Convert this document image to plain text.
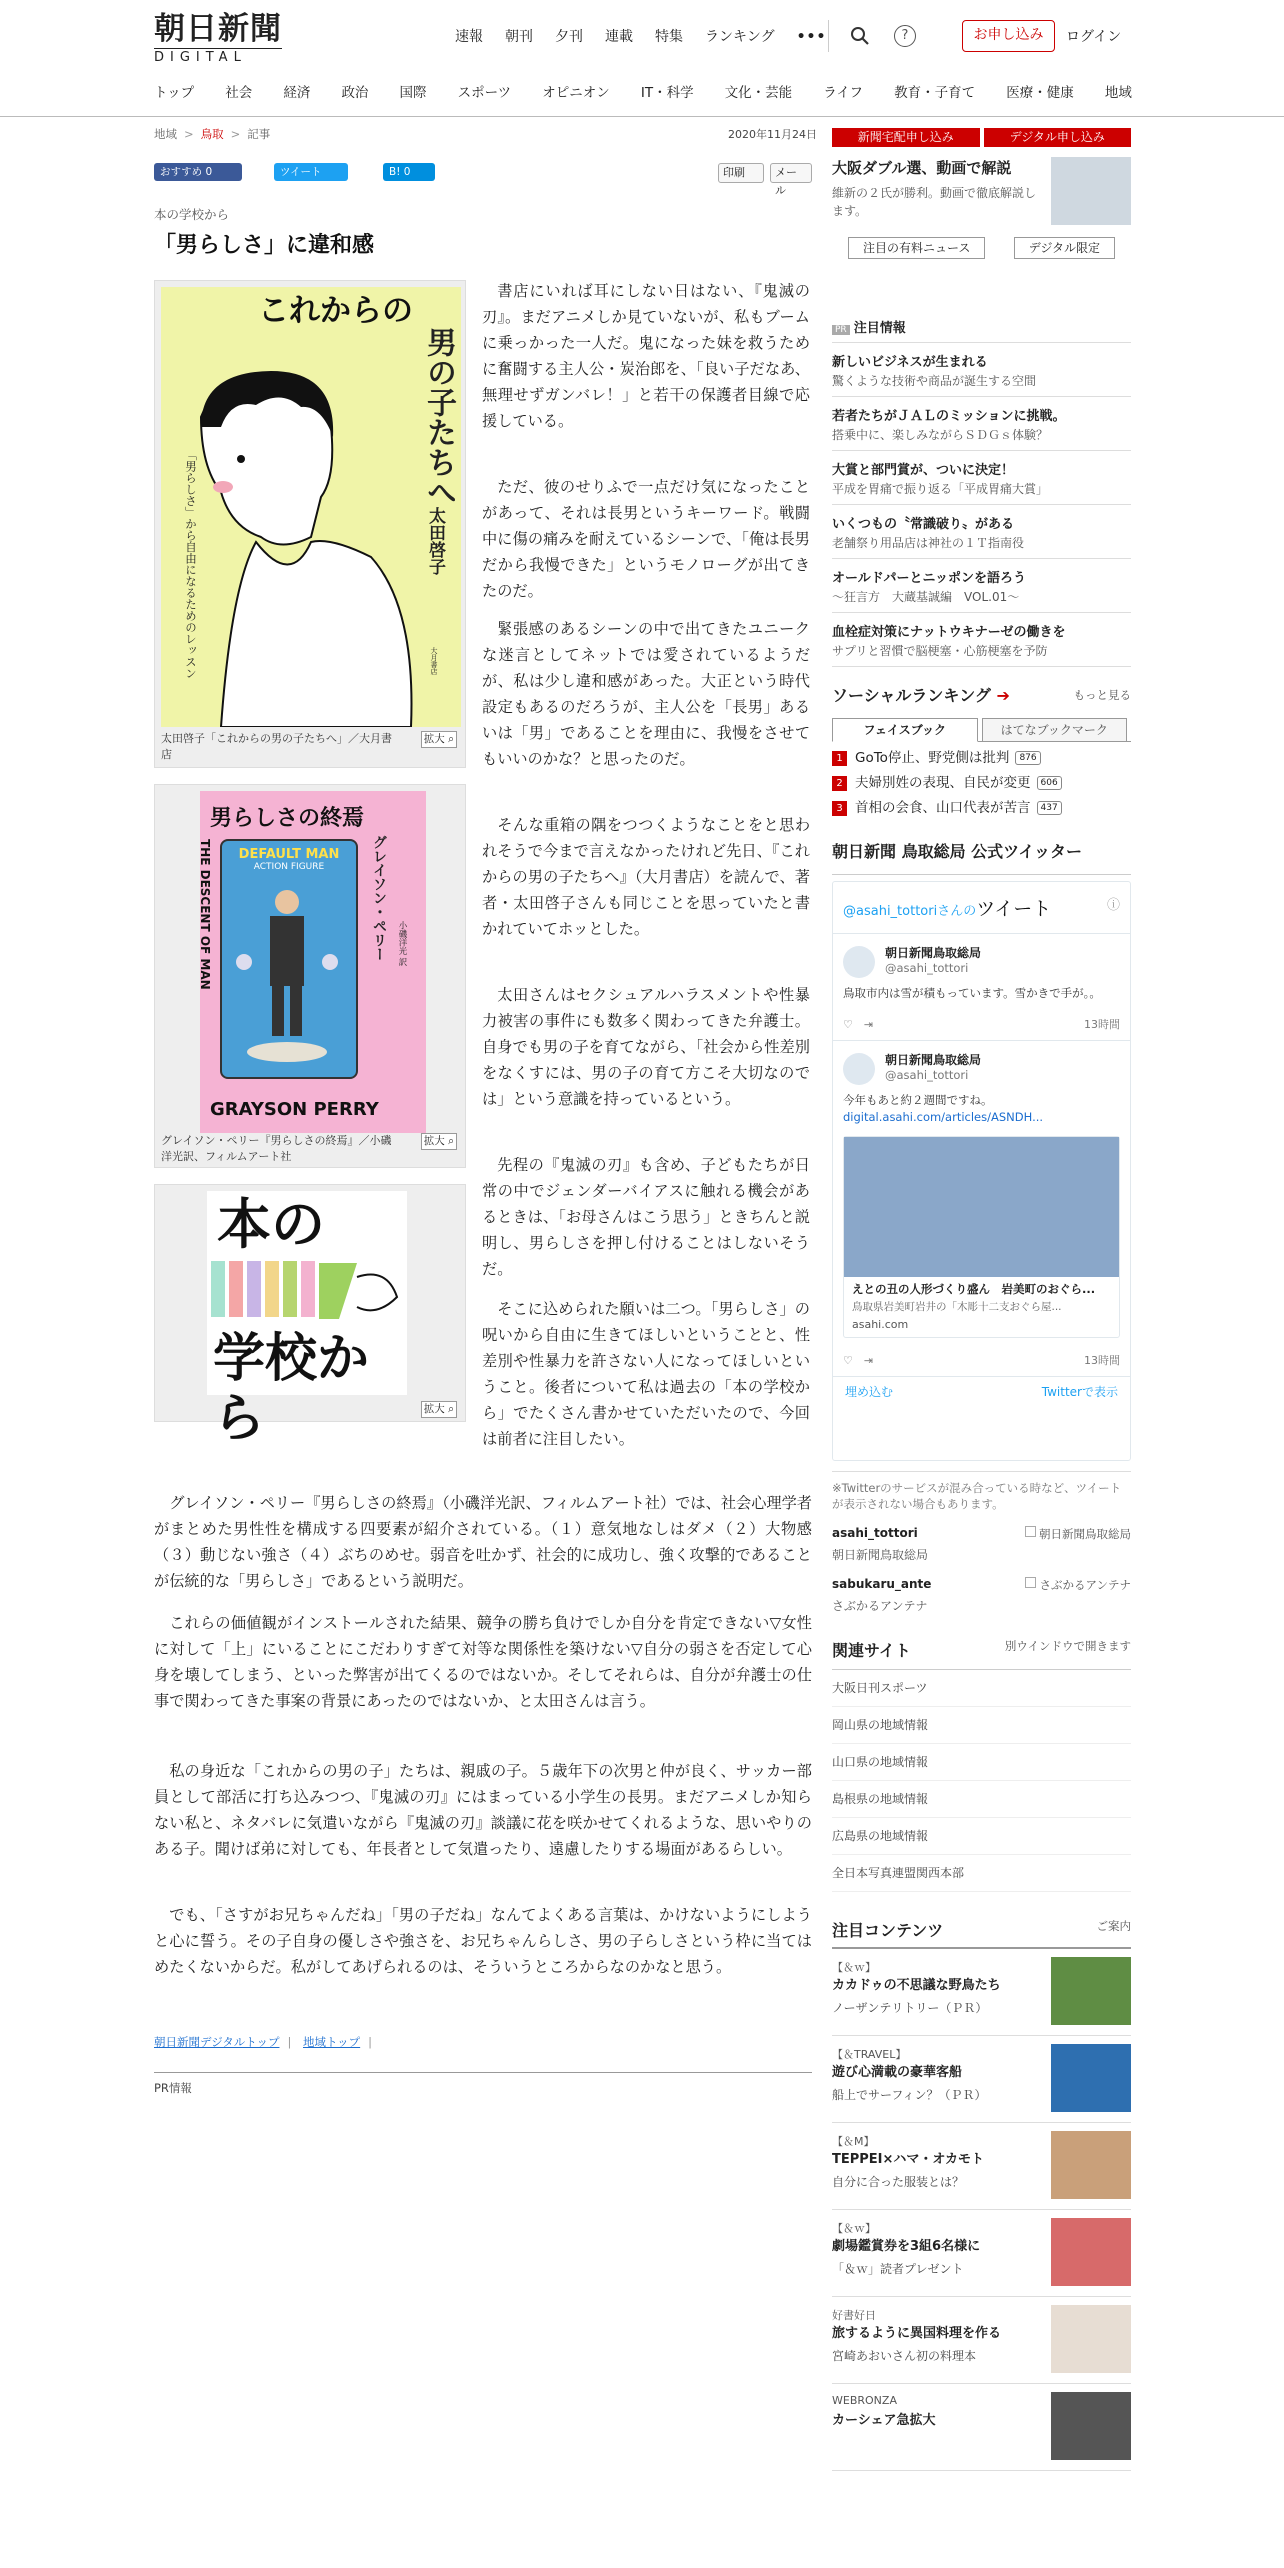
朝日新聞
DIGITAL
速報 朝刊 夕刊 連載 特集 ランキング •••	?	お申し込み	ログイン
トップ 社会 経済 政治 国際 スポーツ オピニオン IT・科学 文化・芸能 ライフ 教育・子育て 医療・健康 地域
地域 > 鳥取 > 記事	2020年11月24日
おすすめ 0	ツイート	B! 0	印刷	メール
本の学校から
「男らしさ」に違和感
これからの
男の子たちへ
太田啓子
「男らしさ」から自由になるためのレッスン	大月書店
太田啓子「これからの男の子たちへ」／大月書店
拡大 ⌕
男らしさの終焉
DEFAULT MAN
ACTION FIGURE	グレイソン・ペリー 小磯洋光 訳
THE DESCENT OF MAN
GRAYSON PERRY
グレイソン・ペリー『男らしさの終焉』／小磯洋光訳、フィルムアート社
拡大 ⌕
本の
学校から	拡大 ⌕
書店にいれば耳にしない日はない、『鬼滅の刃』。まだアニメしか見ていないが、私もブームに乗っかった一人だ。鬼になった妹を救うために奮闘する主人公・炭治郎を、「良い子だなあ、無理せずガンバレ！」と若干の保護者目線で応援している。
ただ、彼のせりふで一点だけ気になったことがあって、それは長男というキーワード。戦闘中に傷の痛みを耐えているシーンで、「俺は長男だから我慢できた」というモノローグが出てきたのだ。
緊張感のあるシーンの中で出てきたユニークな迷言としてネットでは愛されているようだが、私は少し違和感があった。大正という時代設定もあるのだろうが、主人公を「長男」あるいは「男」であることを理由に、我慢をさせてもいいのかな？と思ったのだ。
そんな重箱の隅をつつくようなことをと思われそうで今まで言えなかったけれど先日、『これからの男の子たちへ』（大月書店）を読んで、著者・太田啓子さんも同じことを思っていたと書かれていてホッとした。
太田さんはセクシュアルハラスメントや性暴力被害の事件にも数多く関わってきた弁護士。自身でも男の子を育てながら、「社会から性差別をなくすには、男の子の育て方こそ大切なのでは」という意識を持っているという。
先程の『鬼滅の刃』も含め、子どもたちが日常の中でジェンダーバイアスに触れる機会があるときは、「お母さんはこう思う」ときちんと説明し、男らしさを押し付けることはしないそうだ。
そこに込められた願いは二つ。「男らしさ」の呪いから自由に生きてほしいということと、性差別や性暴力を許さない人になってほしいということ。後者について私は過去の「本の学校から」でたくさん書かせていただいたので、今回は前者に注目したい。
グレイソン・ペリー『男らしさの終焉』（小磯洋光訳、フィルムアート社）では、社会心理学者がまとめた男性性を構成する四要素が紹介されている。（１）意気地なしはダメ（２）大物感（３）動じない強さ（４）ぶちのめせ。弱音を吐かず、社会的に成功し、強く攻撃的であることが伝統的な「男らしさ」であるという説明だ。
これらの価値観がインストールされた結果、競争の勝ち負けでしか自分を肯定できない▽女性に対して「上」にいることにこだわりすぎて対等な関係性を築けない▽自分の弱さを否定して心身を壊してしまう、といった弊害が出てくるのではないか。そしてそれらは、自分が弁護士の仕事で関わってきた事案の背景にあったのではないか、と太田さんは言う。
私の身近な「これからの男の子」たちは、親戚の子。５歳年下の次男と仲が良く、サッカー部員として部活に打ち込みつつ、『鬼滅の刃』にはまっている小学生の長男。まだアニメしか知らない私と、ネタバレに気遣いながら『鬼滅の刃』談議に花を咲かせてくれるような、思いやりのある子。聞けば弟に対しても、年長者として気遣ったり、遠慮したりする場面があるらしい。
でも、「さすがお兄ちゃんだね」「男の子だね」なんてよくある言葉は、かけないようにしようと心に誓う。その子自身の優しさや強さを、お兄ちゃんらしさ、男の子らしさという枠に当てはめたくないからだ。私がしてあげられるのは、そういうところからなのかなと思う。
朝日新聞デジタルトップ | 地域トップ |
PR情報
新聞宅配申し込み	デジタル申し込み
大阪ダブル選、動画で解説
維新の２氏が勝利。動画で徹底解説します。
注目の有料ニュース	デジタル限定
PR 注目情報
新しいビジネスが生まれる
驚くような技術や商品が誕生する空間
若者たちがＪＡＬのミッションに挑戦。
搭乗中に、楽しみながらＳＤＧｓ体験？
大賞と部門賞が、ついに決定！
平成を胃痛で振り返る「平成胃痛大賞」
いくつもの〝常識破り〟がある
老舗祭り用品店は神社の１Ｔ指南役
オールドパーとニッポンを語ろう
～狂言方　大蔵基誠編　VOL.01～
血栓症対策にナットウキナーゼの働きを
サプリと習慣で脳梗塞・心筋梗塞を予防
ソーシャルランキング ➔	もっと見る
フェイスブック	はてなブックマーク
1 GoTo停止、野党側は批判	876
2 夫婦別姓の表現、自民が変更	606
3 首相の会食、山口代表が苦言	437
朝日新聞 鳥取総局 公式ツイッター
@asahi_tottoriさんのツイート	ⓘ
朝日新聞鳥取総局
@asahi_tottori
鳥取市内は雪が積もっています。雪かきで手が。。
♡　⇥	13時間
朝日新聞鳥取総局
@asahi_tottori
今年もあと約２週間ですね。
digital.asahi.com/articles/ASNDH...
えとの丑の人形づくり盛ん　岩美町のおぐら...
鳥取県岩美町岩井の「木彫十二支おぐら屋...
asahi.com
♡　⇥	13時間
埋め込む	Twitterで表示
※Twitterのサービスが混み合っている時など、ツイートが表示されない場合もあります。
asahi_tottori
朝日新聞鳥取総局
朝日新聞鳥取総局
sabukaru_ante
さぶかるアンテナ
さぶかるアンテナ
関連サイト	別ウインドウで開きます
大阪日刊スポーツ
岡山県の地域情報
山口県の地域情報
島根県の地域情報
広島県の地域情報
全日本写真連盟関西本部
注目コンテンツ	ご案内
【＆ｗ】
カカドゥの不思議な野鳥たち
ノーザンテリトリー（ＰＲ）
【＆TRAVEL】
遊び心満載の豪華客船
船上でサーフィン？（ＰＲ）
【＆M】
TEPPEI×ハマ・オカモト
自分に合った服装とは？
【＆ｗ】
劇場鑑賞券を3組6名様に
「＆ｗ」読者プレゼント
好書好日
旅するように異国料理を作る
宮崎あおいさん初の料理本
WEBRONZA
カーシェア急拡大
